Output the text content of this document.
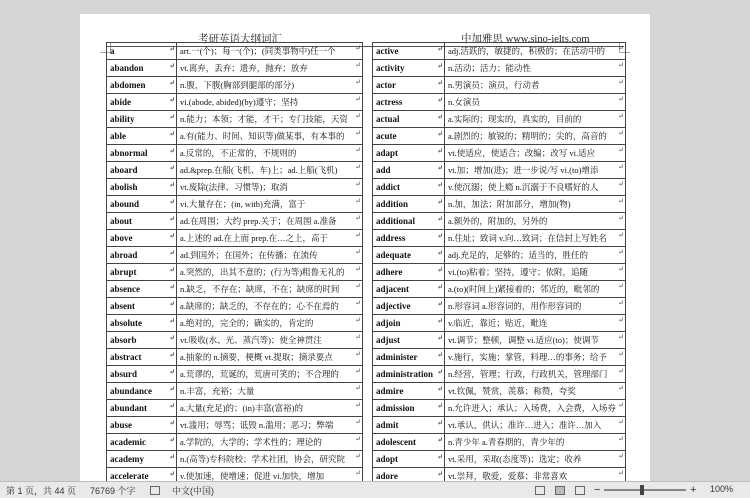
考研英语大纲词汇	中加雅思 www.sino-ielts.com
a ↵	art.一(个)；每一(个)；(同类事物中)任一个 ↵
abandon ↵	vt.离弃，丢弃；遗弃，抛弃；放弃 ↵
abdomen ↵	n.腹，下腹(胸部到腿部的部分) ↵
abide ↵	vi.(abode, abided)(by)遵守；坚持 ↵
ability ↵	n.能力；本领；才能，才干；专门技能，天资 ↵
able ↵	a.有(能力、时间、知识等)做某事，有本事的 ↵
abnormal ↵	a.反常的，不正常的，不规则的 ↵
aboard ↵	ad.&prep.在船(飞机、车)上；ad.上船(飞机) ↵
abolish ↵	vt.废除(法律、习惯等)；取消 ↵
abound ↵	vi.大量存在；(in, with)充满，富于 ↵
about ↵	ad.在周围；大约 prep.关于；在周围 a.准备 ↵
above ↵	a.上述的 ad.在上面 prep.在…之上，高于 ↵
abroad ↵	ad.到国外；在国外；在传播；在流传 ↵
abrupt ↵	a.突然的，出其不意的；(行为等)粗鲁无礼的 ↵
absence ↵	n.缺乏，不存在；缺席，不在；缺席的时间 ↵
absent ↵	a.缺席的；缺乏的，不存在的；心不在焉的 ↵
absolute ↵	a.绝对的，完全的；确实的，肯定的 ↵
absorb ↵	vt.吸收(水、光、蒸汽等)；使全神贯注 ↵
abstract ↵	a.抽象的 n.摘要，梗概 vt.提取；摘录要点 ↵
absurd ↵	a.荒谬的，荒诞的，荒唐可笑的；不合理的 ↵
abundance ↵	n.丰富，充裕；大量 ↵
abundant ↵	a.大量(充足)的；(in)丰富(富裕)的 ↵
abuse ↵	vt.滥用；辱骂；诋毁 n.滥用；恶习；弊端 ↵
academic ↵	a.学院的，大学的；学术性的；理论的 ↵
academy ↵	n.(高等)专科院校；学术社团，协会，研究院 ↵
accelerate ↵	v.使加速，使增速；促进 vi.加快，增加 ↵
↵	↵

active ↵	adj.活跃的，敏捷的，积极的；在活动中的 ↵
activity ↵	n.活动；活力；能动性 ↵
actor ↵	n.男演员；演员，行动者 ↵
actress ↵	n.女演员 ↵
actual ↵	a.实际的；现实的，真实的，目前的 ↵
acute ↵	a.剧烈的；敏锐的；精明的；尖的，高音的 ↵
adapt ↵	vt.使适应，使适合；改编；改写 vi.适应 ↵
add ↵	vt.加；增加(进)；进一步说/写 vi.(to)增添 ↵
addict ↵	v.使沉溺；使上瘾 n.沉溺于不良嗜好的人 ↵
addition ↵	n.加，加法；附加部分，增加(物) ↵
additional ↵	a.额外的，附加的，另外的 ↵
address ↵	n.住址；致词 v.向…致词；在信封上写姓名 ↵
adequate ↵	adj.充足的，足够的；适当的，胜任的 ↵
adhere ↵	vi.(to)粘着；坚持，遵守；依附，追随 ↵
adjacent ↵	a.(to)(时间上)紧接着的；邻近的，毗邻的 ↵
adjective ↵	n.形容词 a.形容词的，用作形容词的 ↵
adjoin ↵	v.临近，靠近；贴近，毗连 ↵
adjust ↵	vt.调节；整顿，调整 vi.适应(to)；使调节 ↵
administer ↵	v.施行，实施；掌管，料理…的事务；给予 ↵
administration ↵	n.经营，管理；行政，行政机关，管理部门 ↵
admire ↵	vt.钦佩，赞赏，羡慕；称赞，夸奖 ↵
admission ↵	n.允许进入；承认；入场费，入会费，入场券 ↵
admit ↵	vt.承认，供认；准许…进入；准许…加入 ↵
adolescent ↵	n.青少年 a.青春期的，青少年的 ↵
adopt ↵	vt.采用，采取(态度等)；选定；收养 ↵
adore ↵	vt.崇拜，敬爱，爱慕；非常喜欢 ↵
↵	↵

第 1 页，共 44 页 76769 个字	中文(中国)	−	+ 100%
